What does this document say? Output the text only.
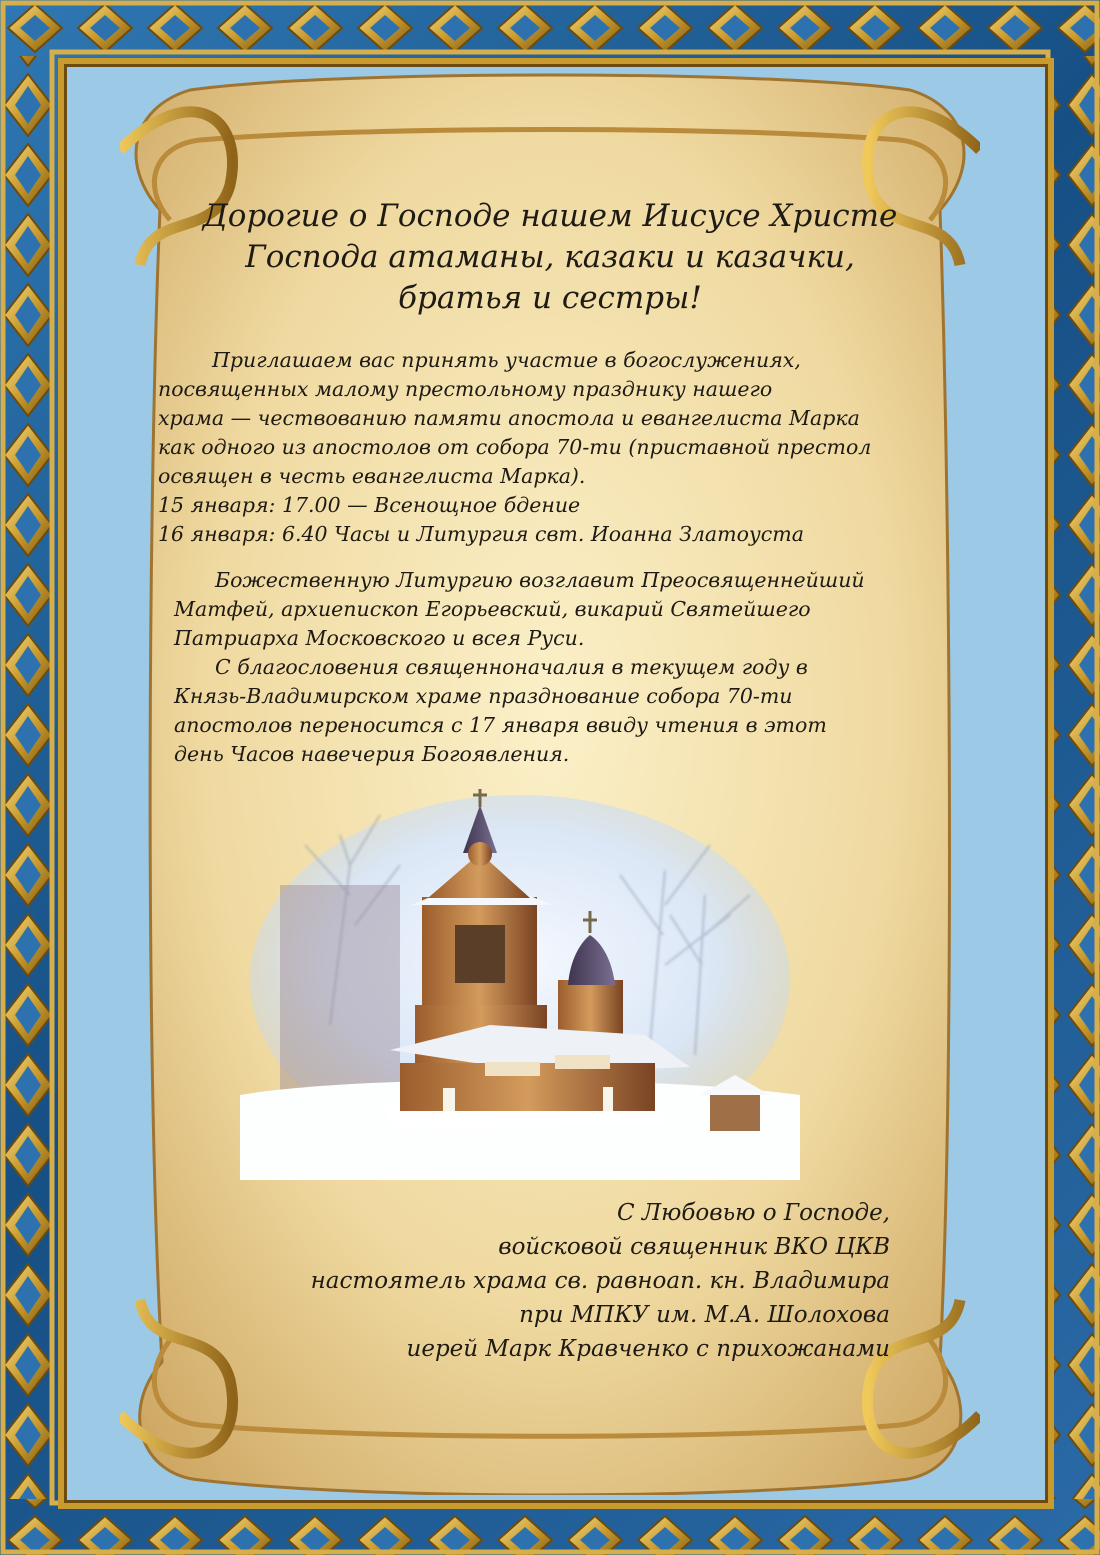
Дорогие о Господе нашем Иисусе Христе
Господа атаманы, казаки и казачки,
братья и сестры!
Приглашаем вас принять участие в богослужениях,
посвященных малому престольному празднику нашего
храма — чествованию памяти апостола и евангелиста Марка
как одного из апостолов от собора 70-ти (приставной престол
освящен в честь евангелиста Марка).
15 января: 17.00 — Всенощное бдение
16 января: 6.40 Часы и Литургия свт. Иоанна Златоуста
Божественную Литургию возглавит Преосвященнейший
Матфей, архиепископ Егорьевский, викарий Святейшего
Патриарха Московского и всея Руси.
С благословения священноначалия в текущем году в
Князь-Владимирском храме празднование собора 70-ти
апостолов переносится с 17 января ввиду чтения в этот
день Часов навечерия Богоявления.
С Любовью о Господе,
войсковой священник ВКО ЦКВ
настоятель храма св. равноап. кн. Владимира
при МПКУ им. М.А. Шолохова
иерей Марк Кравченко с прихожанами
